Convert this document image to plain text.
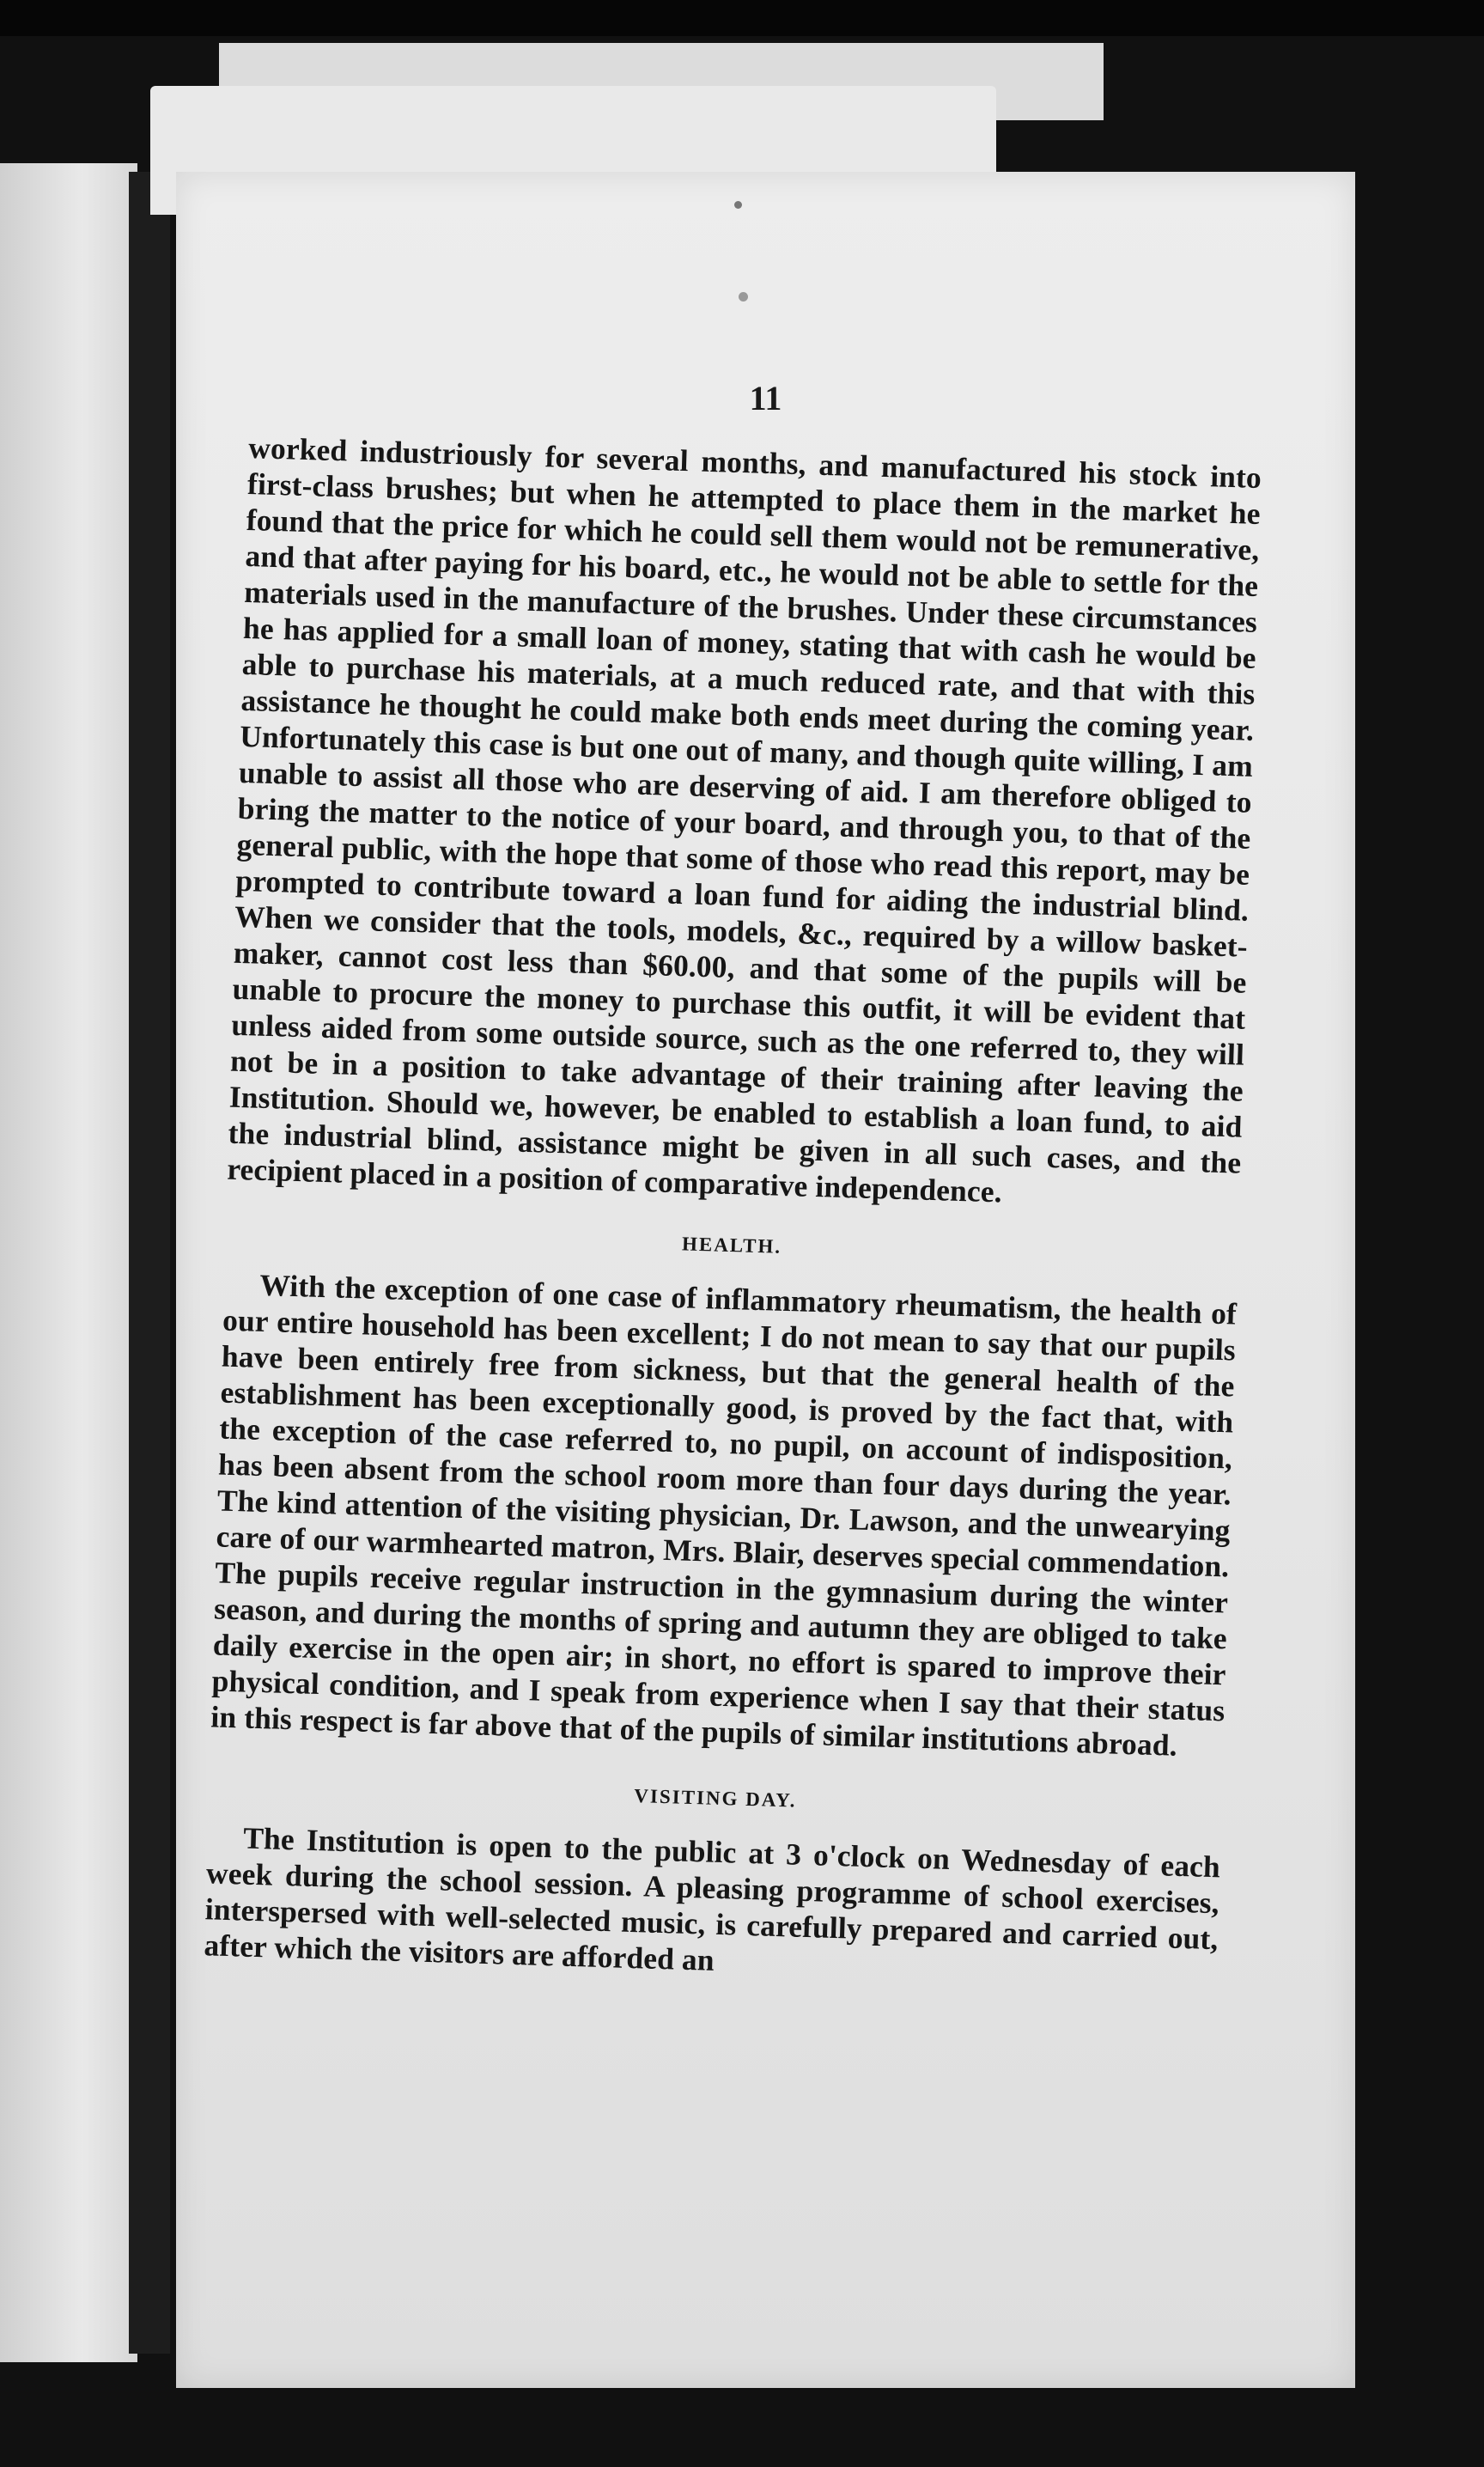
11

worked industriously for several months, and manufactured his stock into first-class brushes; but when he attempted to place them in the market he found that the price for which he could sell them would not be remunerative, and that after paying for his board, etc., he would not be able to settle for the materials used in the manufacture of the brushes. Under these circumstances he has applied for a small loan of money, stating that with cash he would be able to purchase his materials, at a much reduced rate, and that with this assistance he thought he could make both ends meet during the coming year. Unfortunately this case is but one out of many, and though quite willing, I am unable to assist all those who are deserving of aid. I am therefore obliged to bring the matter to the notice of your board, and through you, to that of the general public, with the hope that some of those who read this report, may be prompted to contribute toward a loan fund for aiding the industrial blind. When we consider that the tools, models, &c., required by a willow basket-maker, cannot cost less than $60.00, and that some of the pupils will be unable to procure the money to purchase this outfit, it will be evident that unless aided from some outside source, such as the one referred to, they will not be in a position to take advantage of their training after leaving the Institution. Should we, however, be enabled to establish a loan fund, to aid the industrial blind, assistance might be given in all such cases, and the recipient placed in a position of comparative independence.

HEALTH.

With the exception of one case of inflammatory rheumatism, the health of our entire household has been excellent; I do not mean to say that our pupils have been entirely free from sickness, but that the general health of the establishment has been exceptionally good, is proved by the fact that, with the exception of the case referred to, no pupil, on account of indisposition, has been absent from the school room more than four days during the year. The kind attention of the visiting physician, Dr. Lawson, and the unwearying care of our warmhearted matron, Mrs. Blair, deserves special commendation. The pupils receive regular instruction in the gymnasium during the winter season, and during the months of spring and autumn they are obliged to take daily exercise in the open air; in short, no effort is spared to improve their physical condition, and I speak from experience when I say that their status in this respect is far above that of the pupils of similar institutions abroad.

VISITING DAY.

The Institution is open to the public at 3 o'clock on Wednesday of each week during the school session. A pleasing programme of school exercises, interspersed with well-selected music, is carefully prepared and carried out, after which the visitors are afforded an
